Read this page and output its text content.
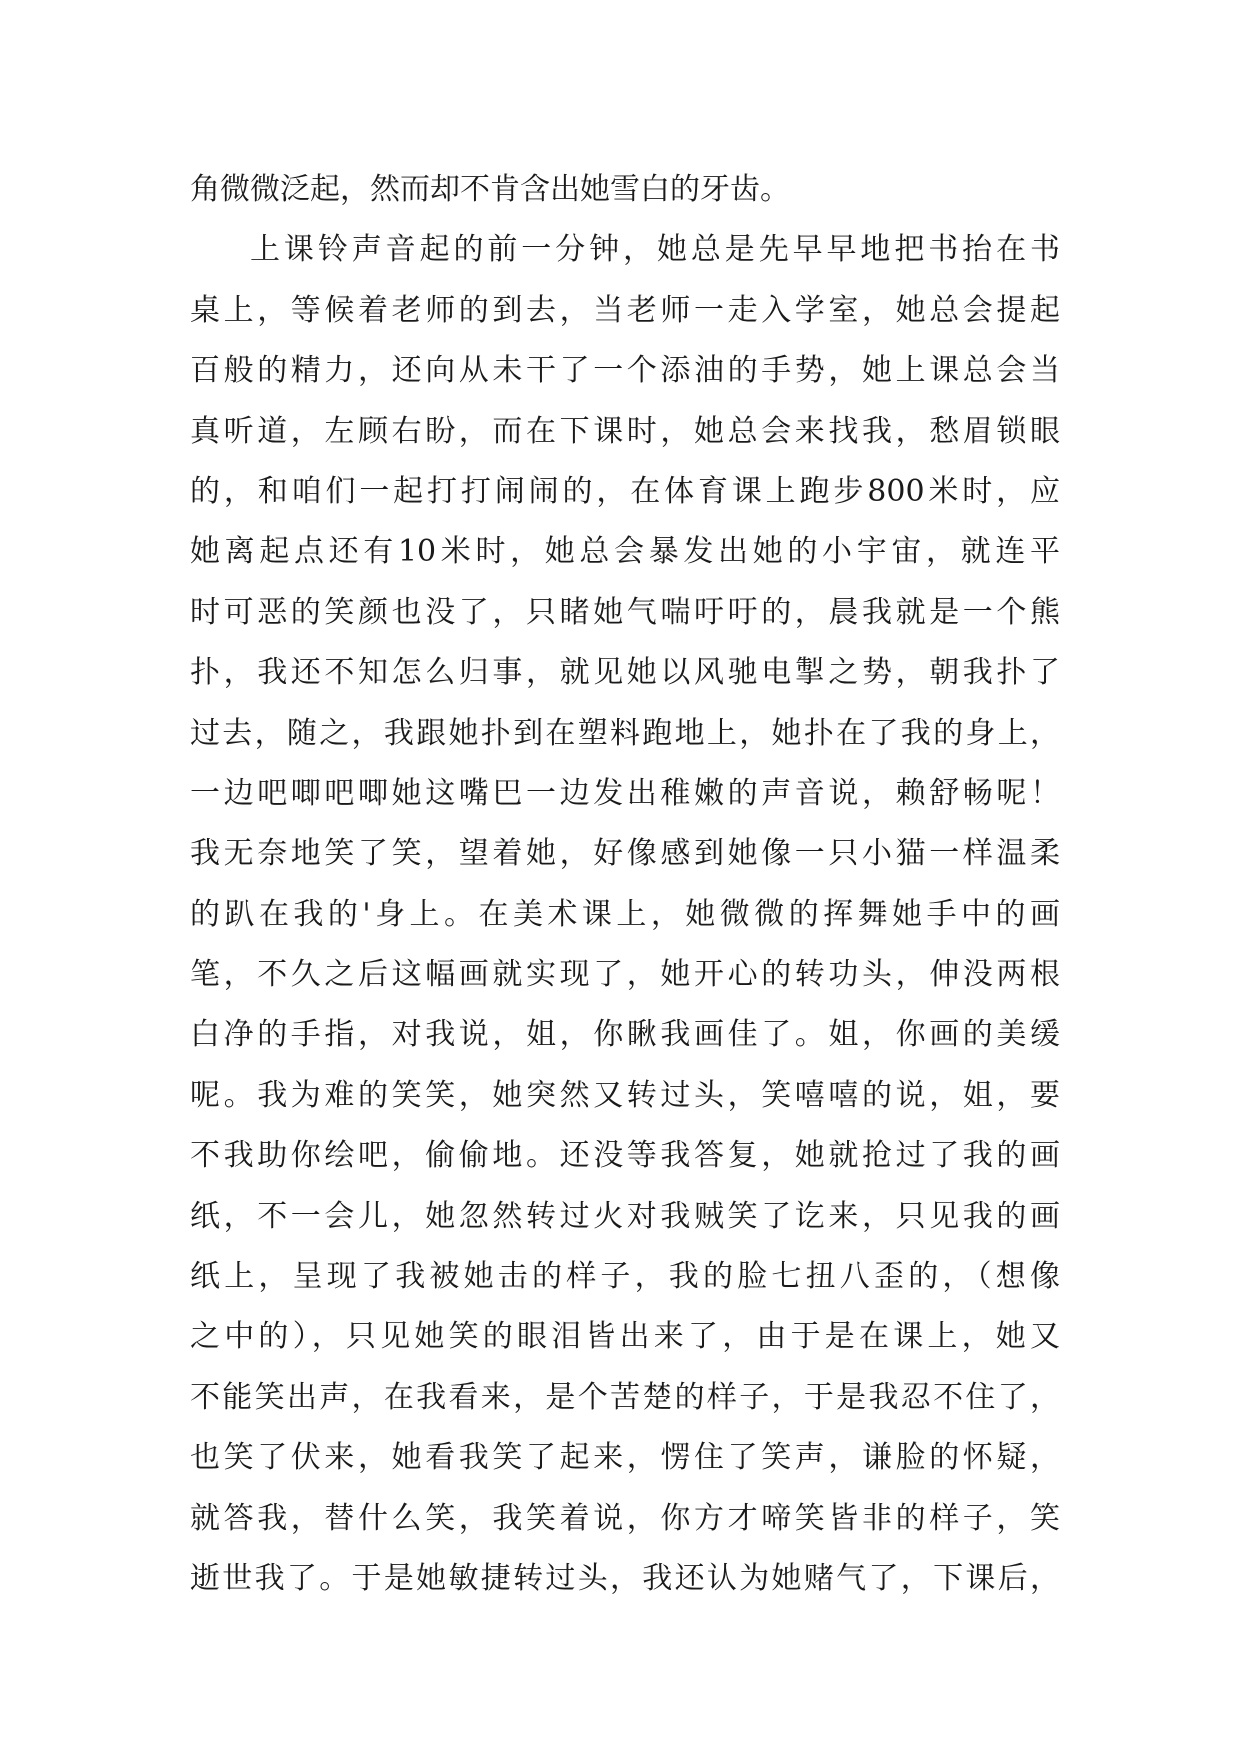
角微微泛起，然而却不肯含出她雪白的牙齿。
上课铃声音起的前一分钟，她总是先早早地把书抬在书
桌上，等候着老师的到去，当老师一走入学室，她总会提起
百般的精力，还向从未干了一个添油的手势，她上课总会当
真听道，左顾右盼，而在下课时，她总会来找我，愁眉锁眼
的，和咱们一起打打闹闹的，在体育课上跑步800米时，应
她离起点还有10米时，她总会暴发出她的小宇宙，就连平
时可恶的笑颜也没了，只睹她气喘吁吁的，晨我就是一个熊
扑，我还不知怎么归事，就见她以风驰电掣之势，朝我扑了
过去，随之，我跟她扑到在塑料跑地上，她扑在了我的身上，
一边吧唧吧唧她这嘴巴一边发出稚嫩的声音说，赖舒畅呢！
我无奈地笑了笑，望着她，好像感到她像一只小猫一样温柔
的趴在我的'身上。在美术课上，她微微的挥舞她手中的画
笔，不久之后这幅画就实现了，她开心的转功头，伸没两根
白净的手指，对我说，姐，你瞅我画佳了。姐，你画的美缓
呢。我为难的笑笑，她突然又转过头，笑嘻嘻的说，姐，要
不我助你绘吧，偷偷地。还没等我答复，她就抢过了我的画
纸，不一会儿，她忽然转过火对我贼笑了讫来，只见我的画
纸上，呈现了我被她击的样子，我的脸七扭八歪的，（想像
之中的），只见她笑的眼泪皆出来了，由于是在课上，她又
不能笑出声，在我看来，是个苦楚的样子，于是我忍不住了，
也笑了伏来，她看我笑了起来，愣住了笑声，谦脸的怀疑，
就答我，替什么笑，我笑着说，你方才啼笑皆非的样子，笑
逝世我了。于是她敏捷转过头，我还认为她赌气了，下课后，
